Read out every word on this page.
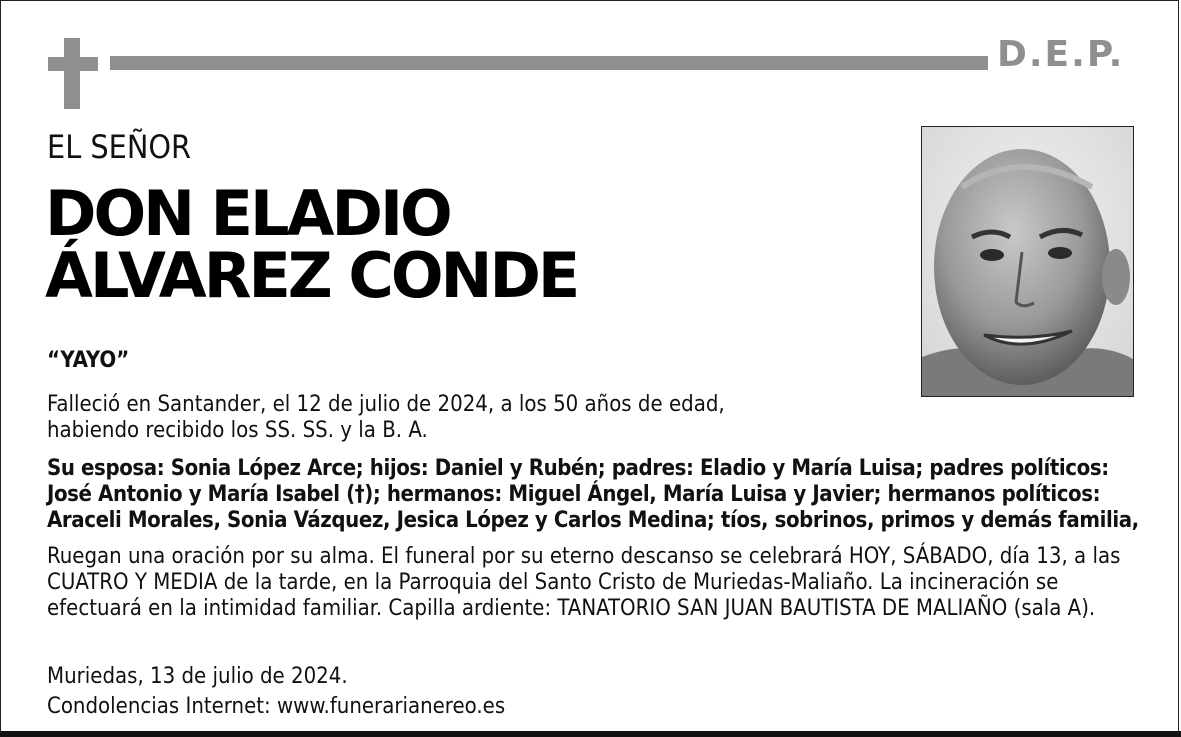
D.E.P.
EL SEÑOR
DON ELADIO
ÁLVAREZ CONDE
“YAYO”
Falleció en Santander, el 12 de julio de 2024, a los 50 años de edad,
habiendo recibido los SS. SS. y la B. A.
Su esposa: Sonia López Arce; hijos: Daniel y Rubén; padres: Eladio y María Luisa; padres políticos: José Antonio y María Isabel (†); hermanos: Miguel Ángel, María Luisa y Javier; hermanos políticos: Araceli Morales, Sonia Vázquez, Jesica López y Carlos Medina; tíos, sobrinos, primos y demás familia,
Ruegan una oración por su alma. El funeral por su eterno descanso se celebrará HOY, SÁBADO, día 13, a las CUATRO Y MEDIA de la tarde, en la Parroquia del Santo Cristo de Muriedas-Maliaño. La incineración se efectuará en la intimidad familiar. Capilla ardiente: TANATORIO SAN JUAN BAUTISTA DE MALIAÑO (sala A).
Muriedas, 13 de julio de 2024.
Condolencias Internet: www.funerarianereo.es
